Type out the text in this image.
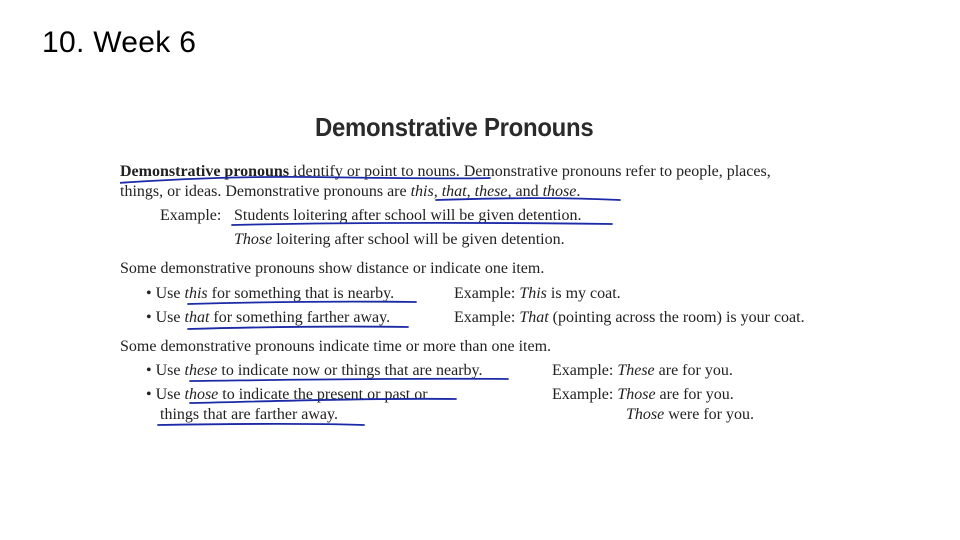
10. Week 6
Demonstrative Pronouns
Demonstrative pronouns identify or point to nouns. Demonstrative pronouns refer to people, places,
things, or ideas. Demonstrative pronouns are this, that, these, and those.
Example: Students loitering after school will be given detention.
Those loitering after school will be given detention.
Some demonstrative pronouns show distance or indicate one item.
• Use this for something that is nearby.	Example: This is my coat.
• Use that for something farther away.	Example: That (pointing across the room) is your coat.
Some demonstrative pronouns indicate time or more than one item.
• Use these to indicate now or things that are nearby.	Example: These are for you.
• Use those to indicate the present or past or
things that are farther away.
Example: Those are for you.
Those were for you.
